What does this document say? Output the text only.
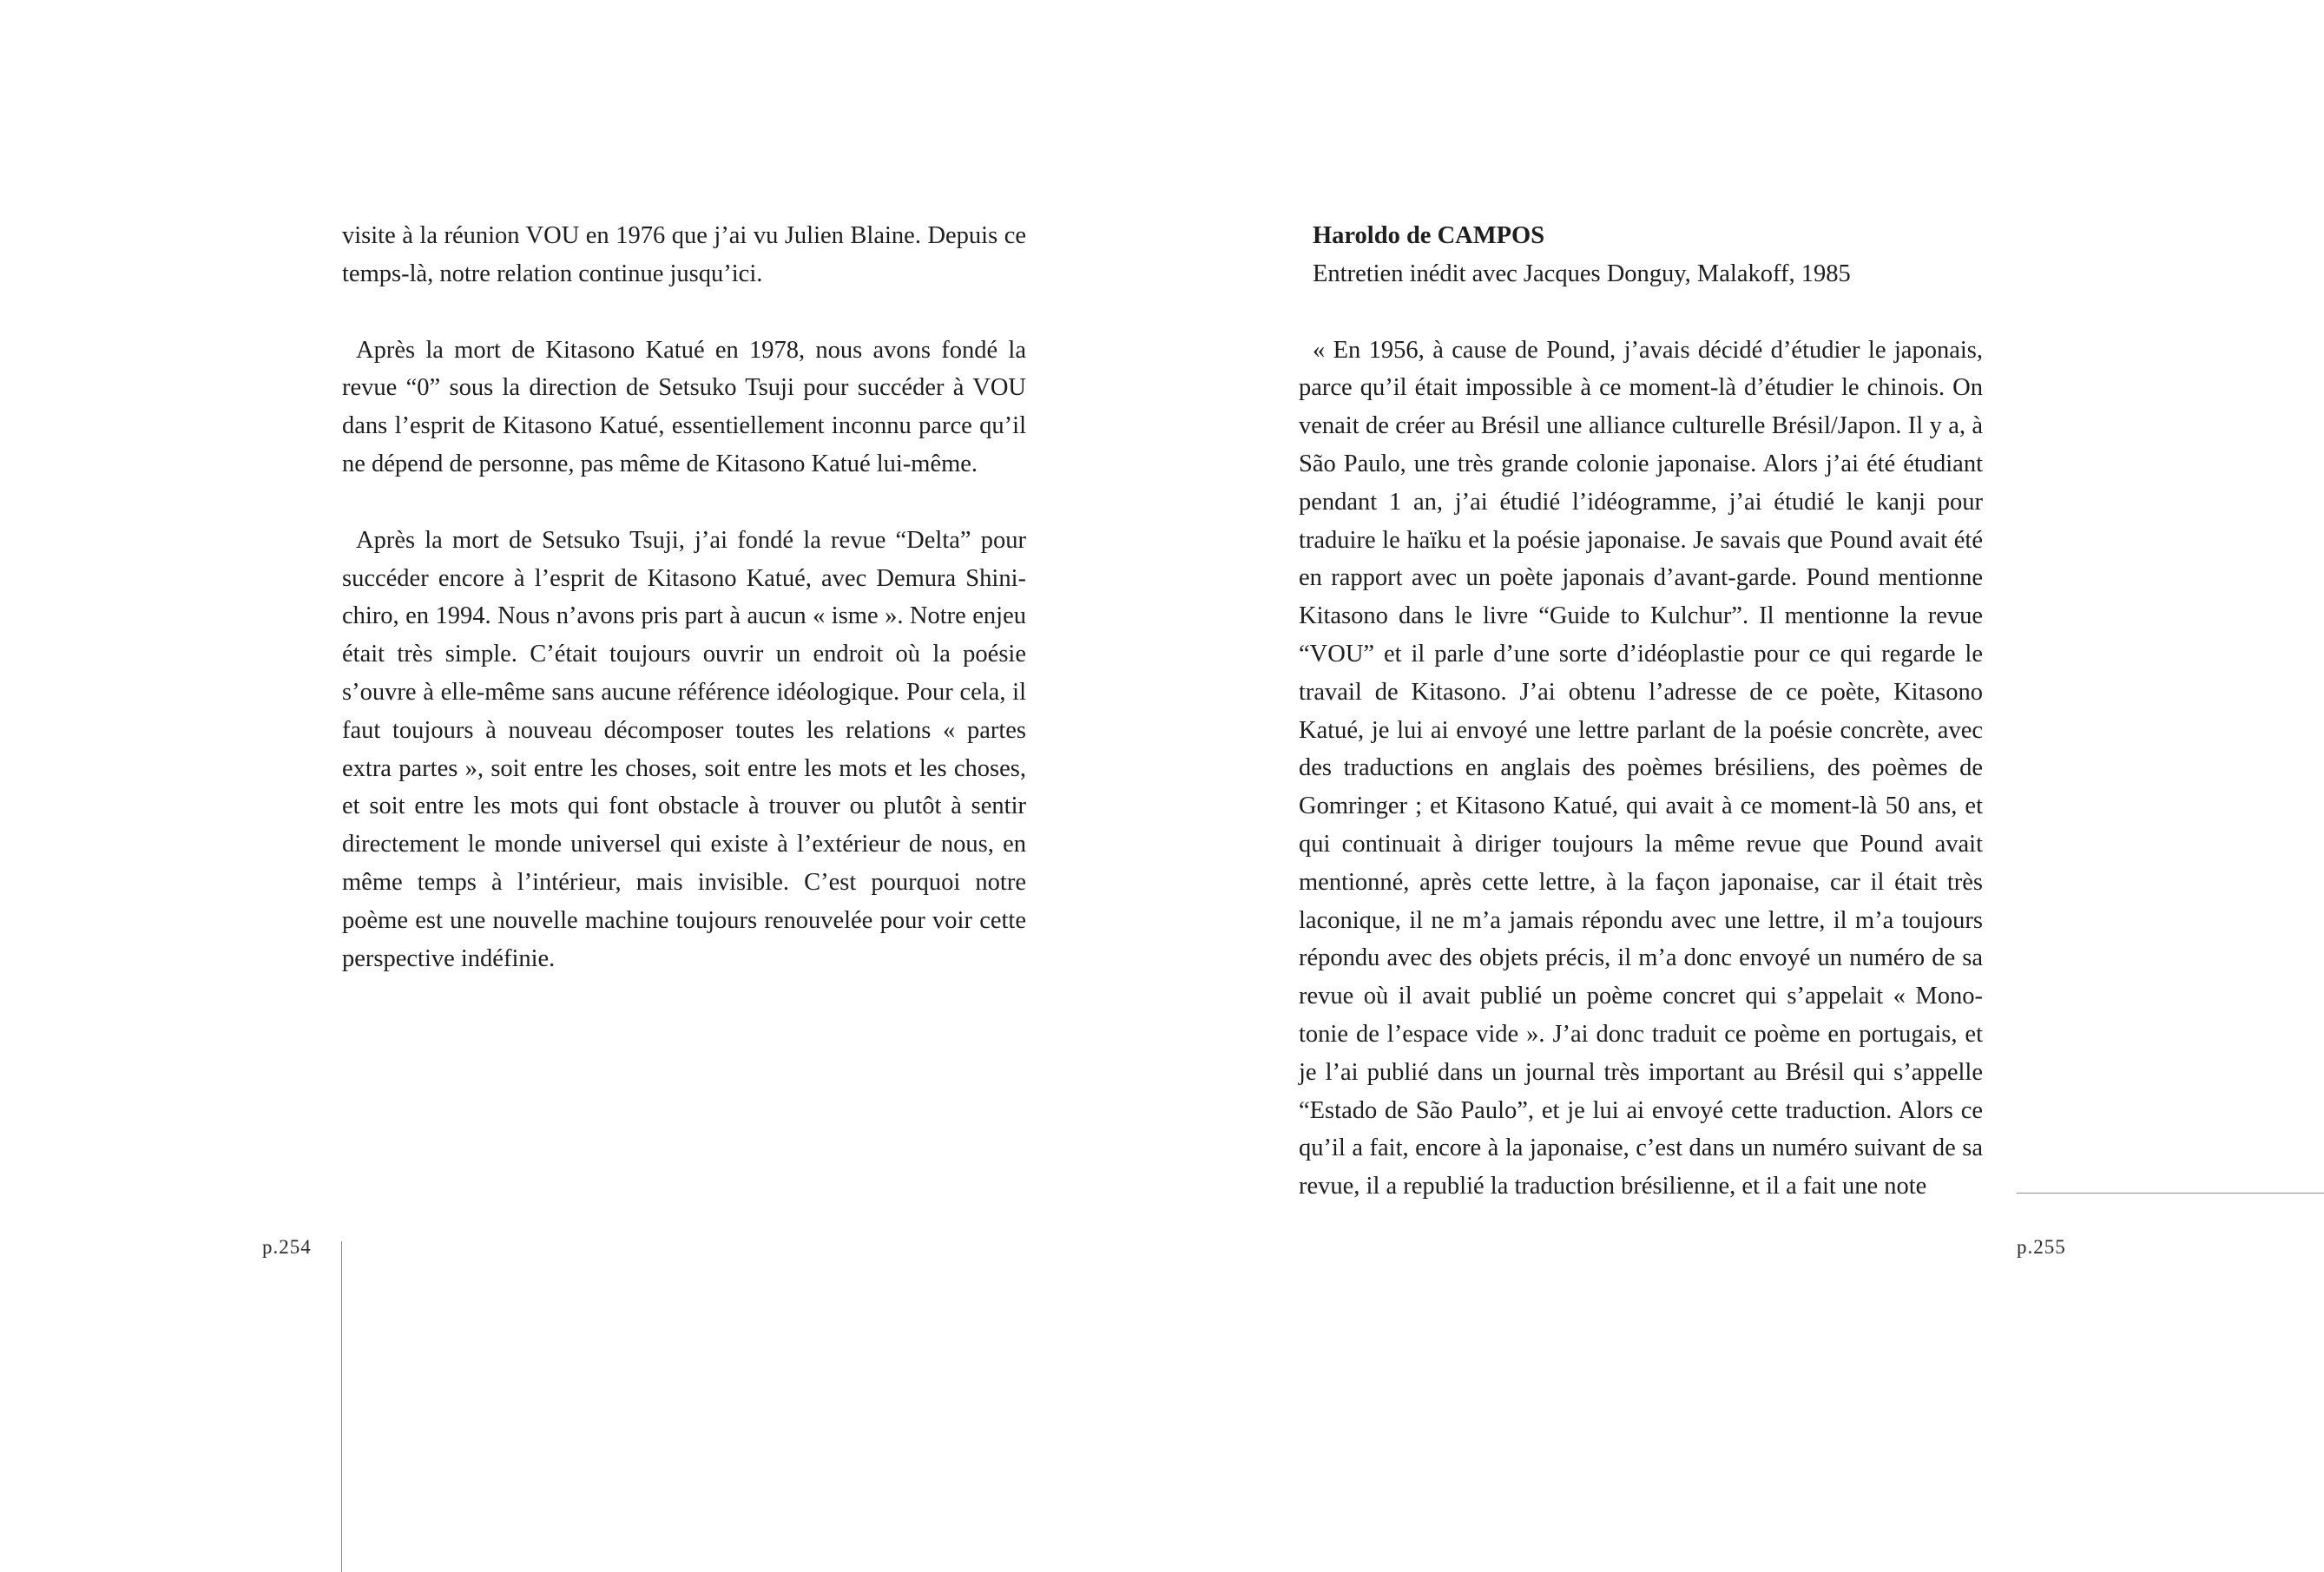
visite à la réunion VOU en 1976 que j’ai vu Julien Blaine. Depuis ce temps-là, notre relation continue jusqu’ici.

Après la mort de Kitasono Katué en 1978, nous avons fondé la revue “0” sous la direction de Setsuko Tsuji pour succéder à VOU dans l’esprit de Kitasono Katué, essentiellement inconnu parce qu’il ne dépend de personne, pas même de Kitasono Katué lui-même.

Après la mort de Setsuko Tsuji, j’ai fondé la revue “Delta” pour succéder encore à l’esprit de Kitasono Katué, avec Demura Shini-chiro, en 1994. Nous n’avons pris part à aucun « isme ». Notre enjeu était très simple. C’était toujours ouvrir un endroit où la poésie s’ouvre à elle-même sans aucune référence idéologique. Pour cela, il faut toujours à nouveau décomposer toutes les relations « partes extra partes », soit entre les choses, soit entre les mots et les choses, et soit entre les mots qui font obstacle à trouver ou plutôt à sentir directement le monde universel qui existe à l’extérieur de nous, en même temps à l’intérieur, mais invisible. C’est pourquoi notre poème est une nouvelle machine toujours renouvelée pour voir cette perspective indéfinie.

Haroldo de CAMPOS

Entretien inédit avec Jacques Donguy, Malakoff, 1985

« En 1956, à cause de Pound, j’avais décidé d’étudier le japonais, parce qu’il était impossible à ce moment-là d’étudier le chinois. On venait de créer au Brésil une alliance culturelle Brésil/Japon. Il y a, à São Paulo, une très grande colonie japonaise. Alors j’ai été étudiant pendant 1 an, j’ai étudié l’idéogramme, j’ai étudié le kanji pour traduire le haïku et la poésie japonaise. Je savais que Pound avait été en rapport avec un poète japonais d’avant-garde. Pound mentionne Kitasono dans le livre “Guide to Kulchur”. Il mentionne la revue “VOU” et il parle d’une sorte d’idéoplastie pour ce qui regarde le travail de Kitasono. J’ai obtenu l’adresse de ce poète, Kitasono Katué, je lui ai envoyé une lettre parlant de la poésie concrète, avec des traductions en anglais des poèmes brésiliens, des poèmes de Gomringer ; et Kitasono Katué, qui avait à ce moment-là 50 ans, et qui continuait à diriger toujours la même revue que Pound avait mentionné, après cette lettre, à la façon japonaise, car il était très laconique, il ne m’a jamais répondu avec une lettre, il m’a toujours répondu avec des objets précis, il m’a donc envoyé un numéro de sa revue où il avait publié un poème concret qui s’appelait « Mono-tonie de l’espace vide ». J’ai donc traduit ce poème en portugais, et je l’ai publié dans un journal très important au Brésil qui s’appelle “Estado de São Paulo”, et je lui ai envoyé cette traduction. Alors ce qu’il a fait, encore à la japonaise, c’est dans un numéro suivant de sa revue, il a republié la traduction brésilienne, et il a fait une note

p.254	p.255
